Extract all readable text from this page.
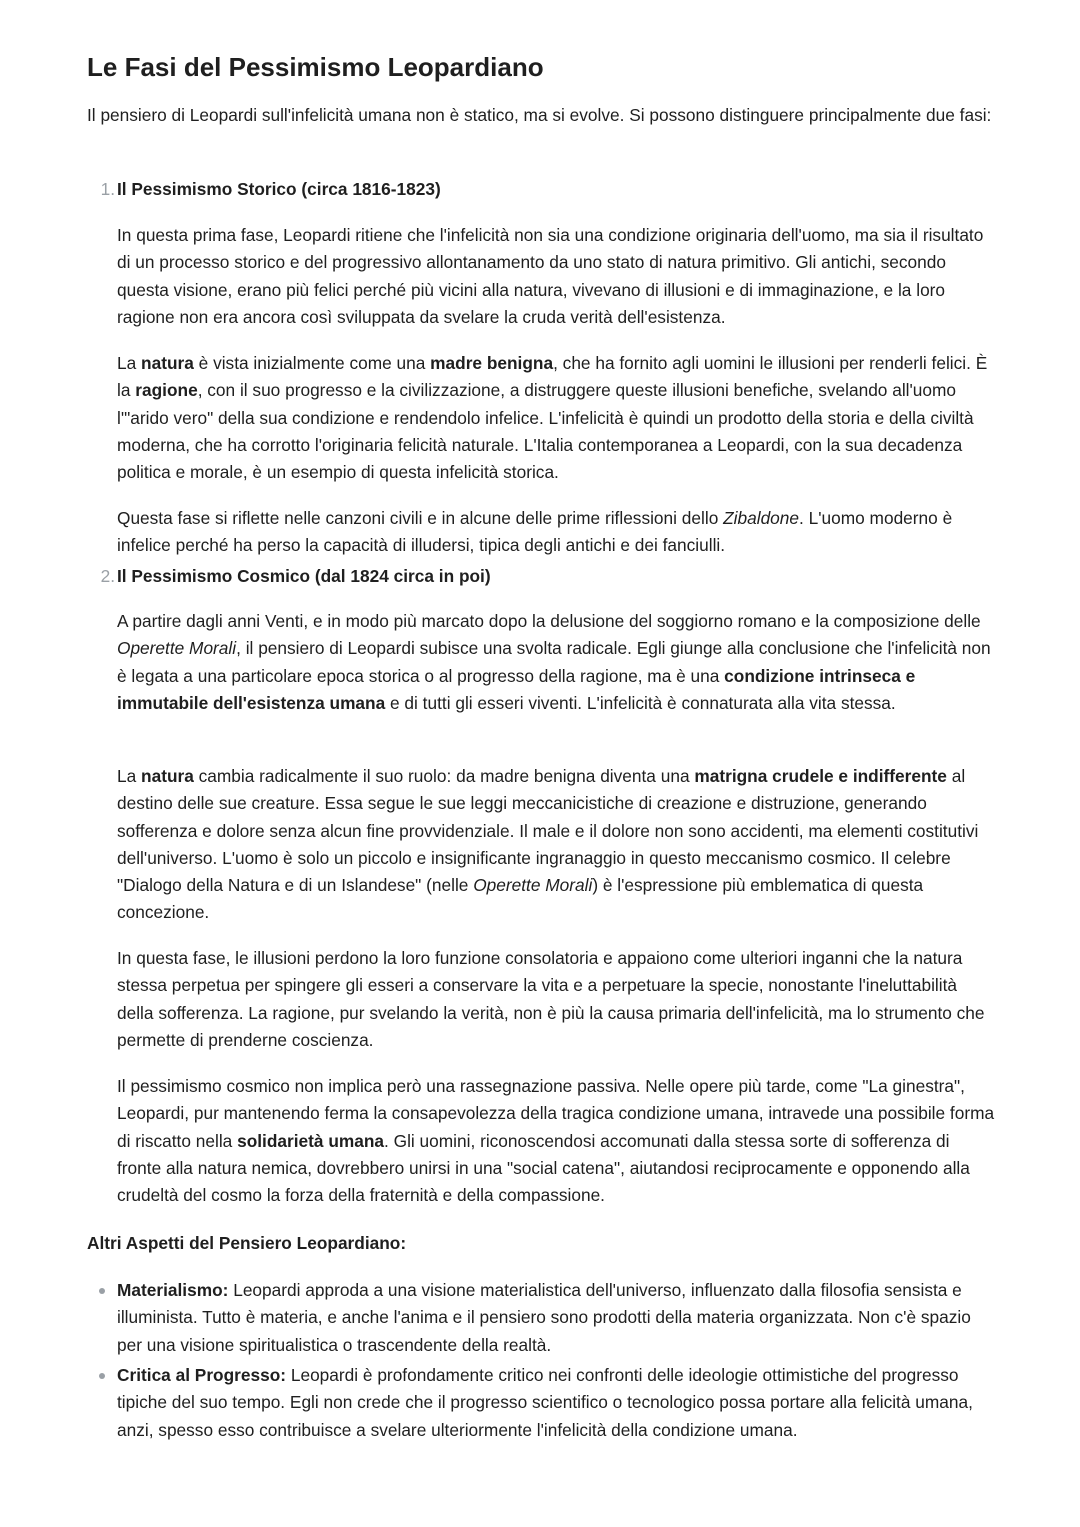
Le Fasi del Pessimismo Leopardiano

Il pensiero di Leopardi sull'infelicità umana non è statico, ma si evolve. Si possono distinguere principalmente due fasi:

1. Il Pessimismo Storico (circa 1816-1823)

In questa prima fase, Leopardi ritiene che l'infelicità non sia una condizione originaria dell'uomo, ma sia il risultato di un processo storico e del progressivo allontanamento da uno stato di natura primitivo. Gli antichi, secondo questa visione, erano più felici perché più vicini alla natura, vivevano di illusioni e di immaginazione, e la loro ragione non era ancora così sviluppata da svelare la cruda verità dell'esistenza.

La natura è vista inizialmente come una madre benigna, che ha fornito agli uomini le illusioni per renderli felici. È la ragione, con il suo progresso e la civilizzazione, a distruggere queste illusioni benefiche, svelando all'uomo l'"arido vero" della sua condizione e rendendolo infelice. L'infelicità è quindi un prodotto della storia e della civiltà moderna, che ha corrotto l'originaria felicità naturale. L'Italia contemporanea a Leopardi, con la sua decadenza politica e morale, è un esempio di questa infelicità storica.

Questa fase si riflette nelle canzoni civili e in alcune delle prime riflessioni dello Zibaldone. L'uomo moderno è infelice perché ha perso la capacità di illudersi, tipica degli antichi e dei fanciulli.

2. Il Pessimismo Cosmico (dal 1824 circa in poi)

A partire dagli anni Venti, e in modo più marcato dopo la delusione del soggiorno romano e la composizione delle Operette Morali, il pensiero di Leopardi subisce una svolta radicale. Egli giunge alla conclusione che l'infelicità non è legata a una particolare epoca storica o al progresso della ragione, ma è una condizione intrinseca e immutabile dell'esistenza umana e di tutti gli esseri viventi. L'infelicità è connaturata alla vita stessa.

La natura cambia radicalmente il suo ruolo: da madre benigna diventa una matrigna crudele e indifferente al destino delle sue creature. Essa segue le sue leggi meccanicistiche di creazione e distruzione, generando sofferenza e dolore senza alcun fine provvidenziale. Il male e il dolore non sono accidenti, ma elementi costitutivi dell'universo. L'uomo è solo un piccolo e insignificante ingranaggio in questo meccanismo cosmico. Il celebre "Dialogo della Natura e di un Islandese" (nelle Operette Morali) è l'espressione più emblematica di questa concezione.

In questa fase, le illusioni perdono la loro funzione consolatoria e appaiono come ulteriori inganni che la natura stessa perpetua per spingere gli esseri a conservare la vita e a perpetuare la specie, nonostante l'ineluttabilità della sofferenza. La ragione, pur svelando la verità, non è più la causa primaria dell'infelicità, ma lo strumento che permette di prenderne coscienza.

Il pessimismo cosmico non implica però una rassegnazione passiva. Nelle opere più tarde, come "La ginestra", Leopardi, pur mantenendo ferma la consapevolezza della tragica condizione umana, intravede una possibile forma di riscatto nella solidarietà umana. Gli uomini, riconoscendosi accomunati dalla stessa sorte di sofferenza di fronte alla natura nemica, dovrebbero unirsi in una "social catena", aiutandosi reciprocamente e opponendo alla crudeltà del cosmo la forza della fraternità e della compassione.

Altri Aspetti del Pensiero Leopardiano:

Materialismo: Leopardi approda a una visione materialistica dell'universo, influenzato dalla filosofia sensista e illuminista. Tutto è materia, e anche l'anima e il pensiero sono prodotti della materia organizzata. Non c'è spazio per una visione spiritualistica o trascendente della realtà.

Critica al Progresso: Leopardi è profondamente critico nei confronti delle ideologie ottimistiche del progresso tipiche del suo tempo. Egli non crede che il progresso scientifico o tecnologico possa portare alla felicità umana, anzi, spesso esso contribuisce a svelare ulteriormente l'infelicità della condizione umana.
